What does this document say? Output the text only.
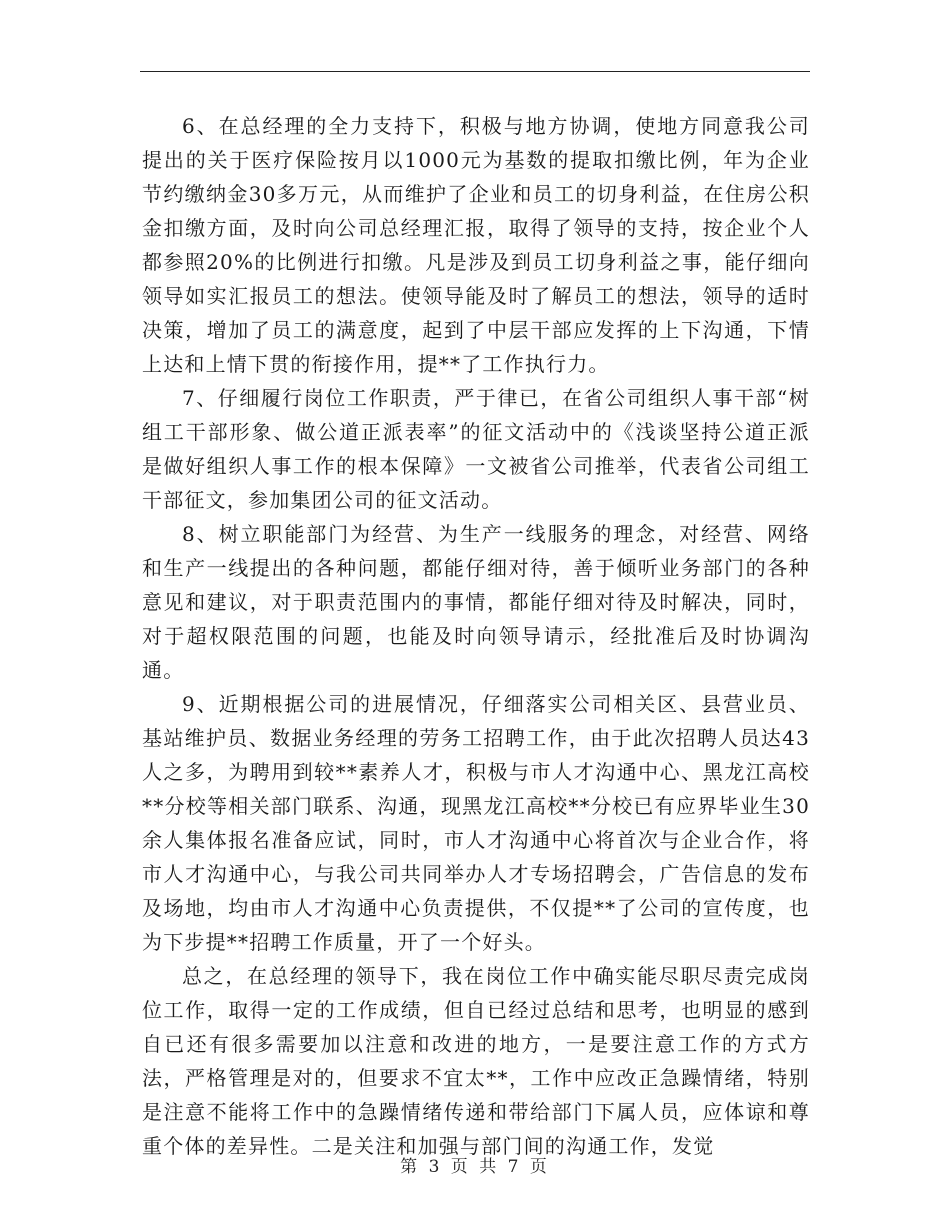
6、在总经理的全力支持下，积极与地方协调，使地方同意我公司提出的关于医疗保险按月以1000元为基数的提取扣缴比例，年为企业节约缴纳金30多万元，从而维护了企业和员工的切身利益，在住房公积金扣缴方面，及时向公司总经理汇报，取得了领导的支持，按企业个人都参照20%的比例进行扣缴。凡是涉及到员工切身利益之事，能仔细向领导如实汇报员工的想法。使领导能及时了解员工的想法，领导的适时决策，增加了员工的满意度，起到了中层干部应发挥的上下沟通，下情上达和上情下贯的衔接作用，提**了工作执行力。

7、仔细履行岗位工作职责，严于律已，在省公司组织人事干部“树组工干部形象、做公道正派表率”的征文活动中的《浅谈坚持公道正派是做好组织人事工作的根本保障》一文被省公司推举，代表省公司组工干部征文，参加集团公司的征文活动。

8、树立职能部门为经营、为生产一线服务的理念，对经营、网络和生产一线提出的各种问题，都能仔细对待，善于倾听业务部门的各种意见和建议，对于职责范围内的事情，都能仔细对待及时解决，同时，对于超权限范围的问题，也能及时向领导请示，经批准后及时协调沟通。

9、近期根据公司的进展情况，仔细落实公司相关区、县营业员、基站维护员、数据业务经理的劳务工招聘工作，由于此次招聘人员达43人之多，为聘用到较**素养人才，积极与市人才沟通中心、黑龙江高校**分校等相关部门联系、沟通，现黑龙江高校**分校已有应界毕业生30余人集体报名准备应试，同时，市人才沟通中心将首次与企业合作，将市人才沟通中心，与我公司共同举办人才专场招聘会，广告信息的发布及场地，均由市人才沟通中心负责提供，不仅提**了公司的宣传度，也为下步提**招聘工作质量，开了一个好头。

总之，在总经理的领导下，我在岗位工作中确实能尽职尽责完成岗位工作，取得一定的工作成绩，但自已经过总结和思考，也明显的感到自已还有很多需要加以注意和改进的地方，一是要注意工作的方式方法，严格管理是对的，但要求不宜太**，工作中应改正急躁情绪，特别是注意不能将工作中的急躁情绪传递和带给部门下属人员，应体谅和尊重个体的差异性。二是关注和加强与部门间的沟通工作，发觉

第 3 页 共 7 页
